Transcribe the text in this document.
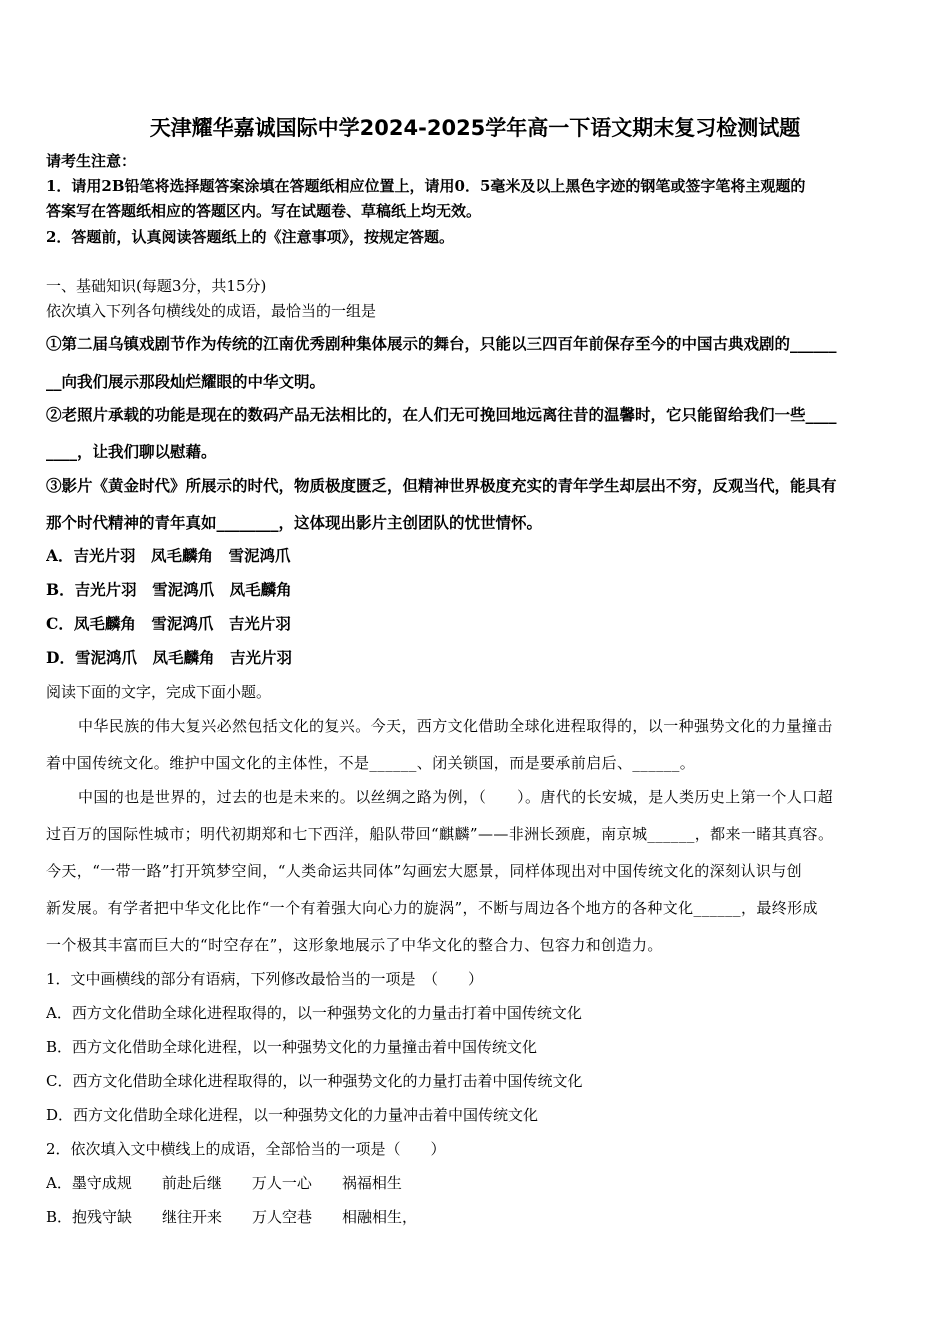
天津耀华嘉诚国际中学2024-2025学年高一下语文期末复习检测试题
请考生注意：
1．请用2B铅笔将选择题答案涂填在答题纸相应位置上，请用0．5毫米及以上黑色字迹的钢笔或签字笔将主观题的
答案写在答题纸相应的答题区内。写在试题卷、草稿纸上均无效。
2．答题前，认真阅读答题纸上的《注意事项》，按规定答题。
一、基础知识(每题3分，共15分)
依次填入下列各句横线处的成语，最恰当的一组是
①第二届乌镇戏剧节作为传统的江南优秀剧种集体展示的舞台，只能以三四百年前保存至今的中国古典戏剧的______
__向我们展示那段灿烂耀眼的中华文明。
②老照片承载的功能是现在的数码产品无法相比的，在人们无可挽回地远离往昔的温馨时，它只能留给我们一些____
____，让我们聊以慰藉。
③影片《黄金时代》所展示的时代，物质极度匮乏，但精神世界极度充实的青年学生却层出不穷，反观当代，能具有
那个时代精神的青年真如________，这体现出影片主创团队的忧世情怀。
A．吉光片羽　凤毛麟角　雪泥鸿爪
B．吉光片羽　雪泥鸿爪　凤毛麟角
C．凤毛麟角　雪泥鸿爪　吉光片羽
D．雪泥鸿爪　凤毛麟角　吉光片羽
阅读下面的文字，完成下面小题。
中华民族的伟大复兴必然包括文化的复兴。今天，西方文化借助全球化进程取得的，以一种强势文化的力量撞击
着中国传统文化。维护中国文化的主体性，不是______、闭关锁国，而是要承前启后、______。
中国的也是世界的，过去的也是未来的。以丝绸之路为例，（　　）。唐代的长安城，是人类历史上第一个人口超
过百万的国际性城市；明代初期郑和七下西洋，船队带回“麒麟”——非洲长颈鹿，南京城______，都来一睹其真容。
今天，“一带一路”打开筑梦空间，“人类命运共同体”勾画宏大愿景，同样体现出对中国传统文化的深刻认识与创
新发展。有学者把中华文化比作“一个有着强大向心力的旋涡”，不断与周边各个地方的各种文化______，最终形成
一个极其丰富而巨大的“时空存在”，这形象地展示了中华文化的整合力、包容力和创造力。
1．文中画横线的部分有语病，下列修改最恰当的一项是　（　　）
A．西方文化借助全球化进程取得的，以一种强势文化的力量击打着中国传统文化
B．西方文化借助全球化进程，以一种强势文化的力量撞击着中国传统文化
C．西方文化借助全球化进程取得的，以一种强势文化的力量打击着中国传统文化
D．西方文化借助全球化进程，以一种强势文化的力量冲击着中国传统文化
2．依次填入文中横线上的成语，全部恰当的一项是（　　）
A．墨守成规　　前赴后继　　万人一心　　祸福相生
B．抱残守缺　　继往开来　　万人空巷　　相融相生，
